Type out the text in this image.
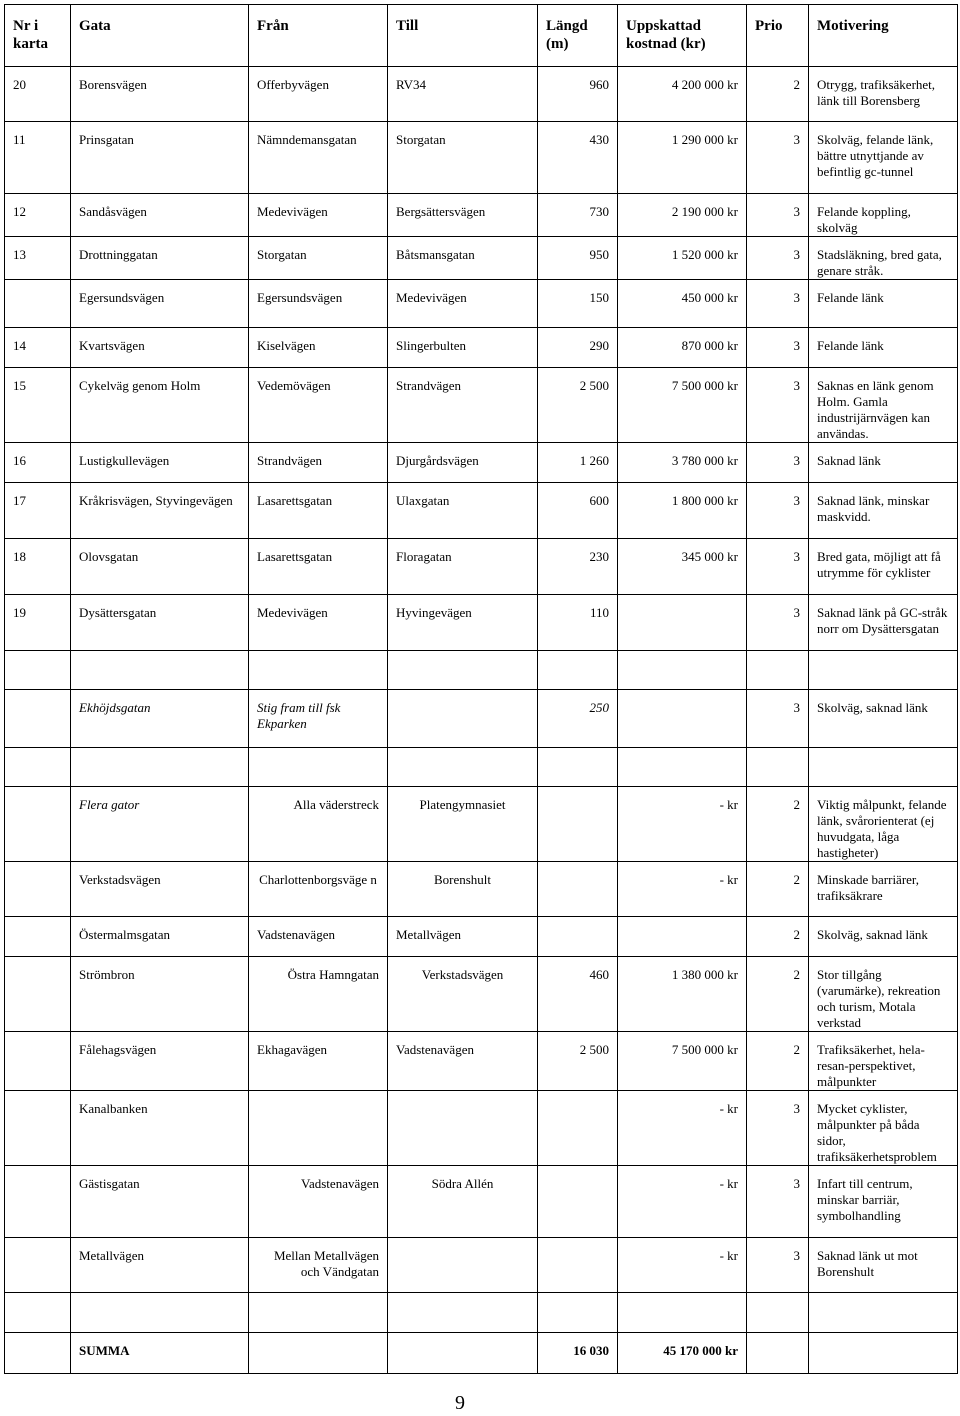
Nr i karta	Gata	Från	Till	Längd (m)	Uppskattad kostnad (kr)	Prio	Motivering
20	Borensvägen	Offerbyvägen	RV34	960	4 200 000 kr	2	Otrygg, trafiksäkerhet, länk till Borensberg
11	Prinsgatan	Nämndemansgatan	Storgatan	430	1 290 000 kr	3	Skolväg, felande länk, bättre utnyttjande av befintlig gc-tunnel
12	Sandåsvägen	Medevivägen	Bergsättersvägen	730	2 190 000 kr	3	Felande koppling, skolväg
13	Drottninggatan	Storgatan	Båtsmansgatan	950	1 520 000 kr	3	Stadsläkning, bred gata, genare stråk.
	Egersundsvägen	Egersundsvägen	Medevivägen	150	450 000 kr	3	Felande länk
14	Kvartsvägen	Kiselvägen	Slingerbulten	290	870 000 kr	3	Felande länk
15	Cykelväg genom Holm	Vedemövägen	Strandvägen	2 500	7 500 000 kr	3	Saknas en länk genom Holm. Gamla industrijärnvägen kan användas.
16	Lustigkullevägen	Strandvägen	Djurgårdsvägen	1 260	3 780 000 kr	3	Saknad länk
17	Kråkrisvägen, Styvingevägen	Lasarettsgatan	Ulaxgatan	600	1 800 000 kr	3	Saknad länk, minskar maskvidd.
18	Olovsgatan	Lasarettsgatan	Floragatan	230	345 000 kr	3	Bred gata, möjligt att få utrymme för cyklister
19	Dysättersgatan	Medevivägen	Hyvingevägen	110		3	Saknad länk på GC-stråk norr om Dysättersgatan

	Ekhöjdsgatan	Stig fram till fsk Ekparken		250		3	Skolväg, saknad länk

	Flera gator	Alla väderstreck	Platengymnasiet		- kr	2	Viktig målpunkt, felande länk, svårorienterat (ej huvudgata, låga hastigheter)
	Verkstadsvägen	Charlottenborgsväge n	Borenshult		- kr	2	Minskade barriärer, trafiksäkrare
	Östermalmsgatan	Vadstenavägen	Metallvägen			2	Skolväg, saknad länk
	Strömbron	Östra Hamngatan	Verkstadsvägen	460	1 380 000 kr	2	Stor tillgång (varumärke), rekreation och turism, Motala verkstad
	Fålehagsvägen	Ekhagavägen	Vadstenavägen	2 500	7 500 000 kr	2	Trafiksäkerhet, hela-resan-perspektivet, målpunkter
	Kanalbanken				- kr	3	Mycket cyklister, målpunkter på båda sidor, trafiksäkerhetsproblem
	Gästisgatan	Vadstenavägen	Södra Allén		- kr	3	Infart till centrum, minskar barriär, symbolhandling
	Metallvägen	Mellan Metallvägen och Vändgatan			- kr	3	Saknad länk ut mot Borenshult

	SUMMA			16 030	45 170 000 kr		
9
